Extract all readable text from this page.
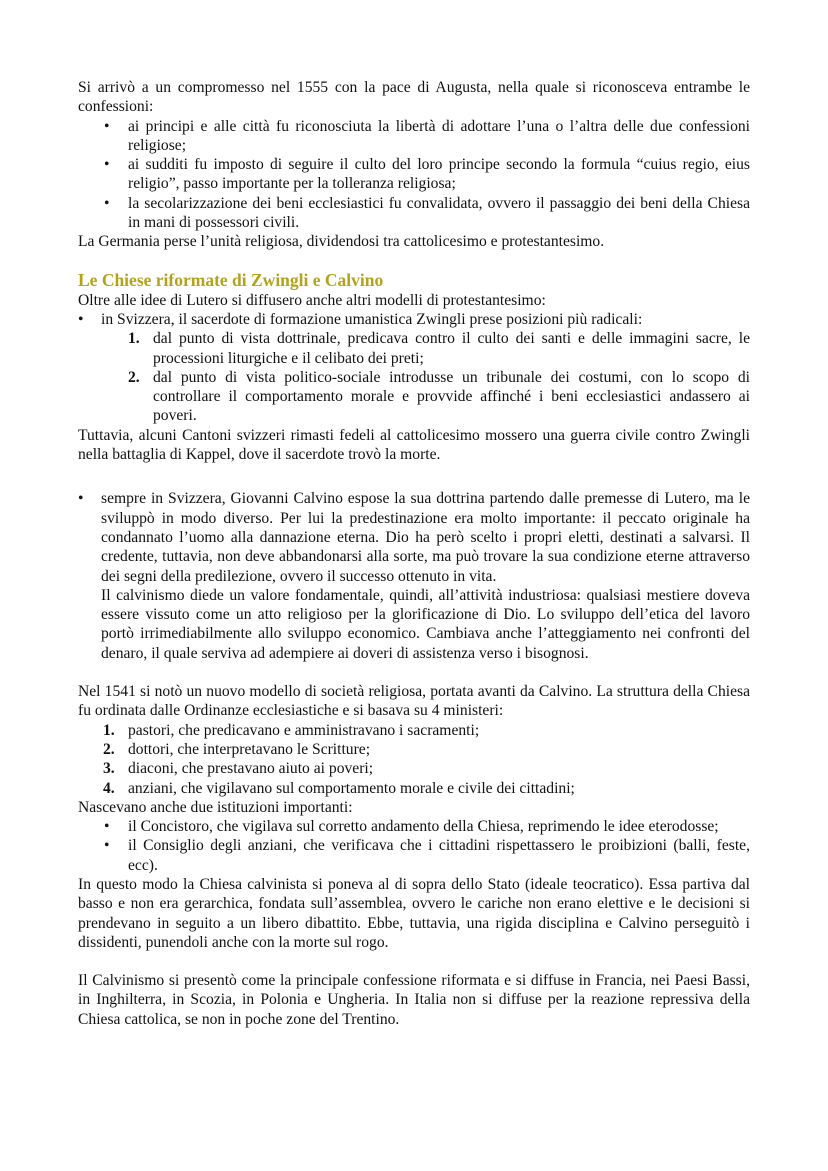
Si arrivò a un compromesso nel 1555 con la pace di Augusta, nella quale si riconosceva entrambe le confessioni:

• ai principi e alle città fu riconosciuta la libertà di adottare l’una o l’altra delle due confessioni religiose;
• ai sudditi fu imposto di seguire il culto del loro principe secondo la formula “cuius regio, eius religio”, passo importante per la tolleranza religiosa;
• la secolarizzazione dei beni ecclesiastici fu convalidata, ovvero il passaggio dei beni della Chiesa in mani di possessori civili.

La Germania perse l’unità religiosa, dividendosi tra cattolicesimo e protestantesimo.

Le Chiese riformate di Zwingli e Calvino

Oltre alle idee di Lutero si diffusero anche altri modelli di protestantesimo:

• in Svizzera, il sacerdote di formazione umanistica Zwingli prese posizioni più radicali:
1. dal punto di vista dottrinale, predicava contro il culto dei santi e delle immagini sacre, le processioni liturgiche e il celibato dei preti;
2. dal punto di vista politico-sociale introdusse un tribunale dei costumi, con lo scopo di controllare il comportamento morale e provvide affinché i beni ecclesiastici andassero ai poveri.

Tuttavia, alcuni Cantoni svizzeri rimasti fedeli al cattolicesimo mossero una guerra civile contro Zwingli nella battaglia di Kappel, dove il sacerdote trovò la morte.

• sempre in Svizzera, Giovanni Calvino espose la sua dottrina partendo dalle premesse di Lutero, ma le sviluppò in modo diverso. Per lui la predestinazione era molto importante: il peccato originale ha condannato l’uomo alla dannazione eterna. Dio ha però scelto i propri eletti, destinati a salvarsi. Il credente, tuttavia, non deve abbandonarsi alla sorte, ma può trovare la sua condizione eterne attraverso dei segni della predilezione, ovvero il successo ottenuto in vita.

Il calvinismo diede un valore fondamentale, quindi, all’attività industriosa: qualsiasi mestiere doveva essere vissuto come un atto religioso per la glorificazione di Dio. Lo sviluppo dell’etica del lavoro portò irrimediabilmente allo sviluppo economico. Cambiava anche l’atteggiamento nei confronti del denaro, il quale serviva ad adempiere ai doveri di assistenza verso i bisognosi.

Nel 1541 si notò un nuovo modello di società religiosa, portata avanti da Calvino. La struttura della Chiesa fu ordinata dalle Ordinanze ecclesiastiche e si basava su 4 ministeri:

1. pastori, che predicavano e amministravano i sacramenti;
2. dottori, che interpretavano le Scritture;
3. diaconi, che prestavano aiuto ai poveri;
4. anziani, che vigilavano sul comportamento morale e civile dei cittadini;

Nascevano anche due istituzioni importanti:

• il Concistoro, che vigilava sul corretto andamento della Chiesa, reprimendo le idee eterodosse;
• il Consiglio degli anziani, che verificava che i cittadini rispettassero le proibizioni (balli, feste, ecc).

In questo modo la Chiesa calvinista si poneva al di sopra dello Stato (ideale teocratico). Essa partiva dal basso e non era gerarchica, fondata sull’assemblea, ovvero le cariche non erano elettive e le decisioni si prendevano in seguito a un libero dibattito. Ebbe, tuttavia, una rigida disciplina e Calvino perseguitò i dissidenti, punendoli anche con la morte sul rogo.

Il Calvinismo si presentò come la principale confessione riformata e si diffuse in Francia, nei Paesi Bassi, in Inghilterra, in Scozia, in Polonia e Ungheria. In Italia non si diffuse per la reazione repressiva della Chiesa cattolica, se non in poche zone del Trentino.
